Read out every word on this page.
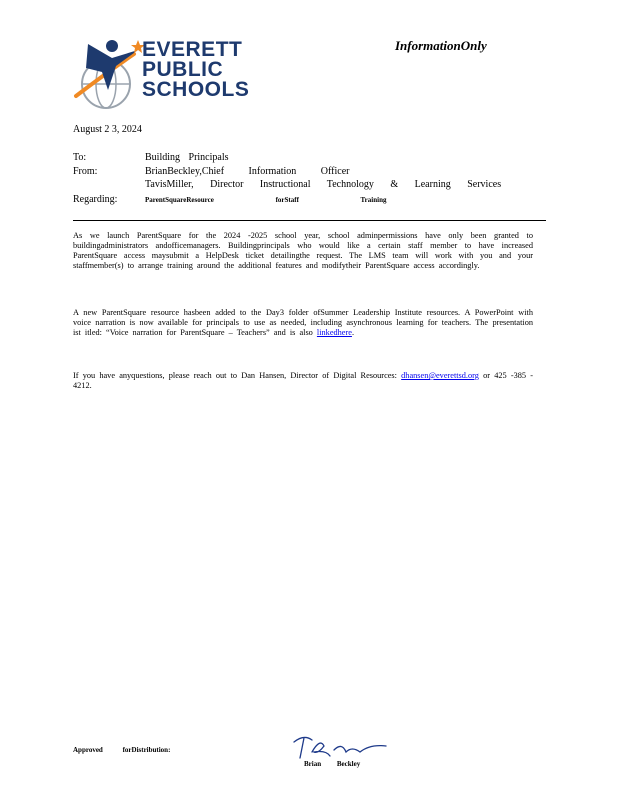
EVERETT
PUBLIC
SCHOOLS
InformationOnly
August 2 3, 2024
To:	Building Principals
From:	BrianBeckley,Chief Information Officer
TavisMiller, Director Instructional Technology & Learning Services
Regarding:	ParentSquareResource forStaff Training
As we launch ParentSquare for the 2024 -2025 school year, school adminpermissions have only been granted to buildingadministrators andofficemanagers. Buildingprincipals who would like a certain staff member to have increased ParentSquare access maysubmit a HelpDesk ticket detailingthe request. The LMS team will work with you and your staffmember(s) to arrange training around the additional features and modifytheir ParentSquare access accordingly.
A new ParentSquare resource hasbeen added to the Day3 folder ofSummer Leadership Institute resources. A PowerPoint with voice narration is now available for principals to use as needed, including asynchronous learning for teachers. The presentation ist itled: “Voice narration for ParentSquare – Teachers” and is also linkedhere.
If you have anyquestions, please reach out to Dan Hansen, Director of Digital Resources: dhansen@everettsd.org or 425 -385 - 4212.
Approved forDistribution:
Brian Beckley
